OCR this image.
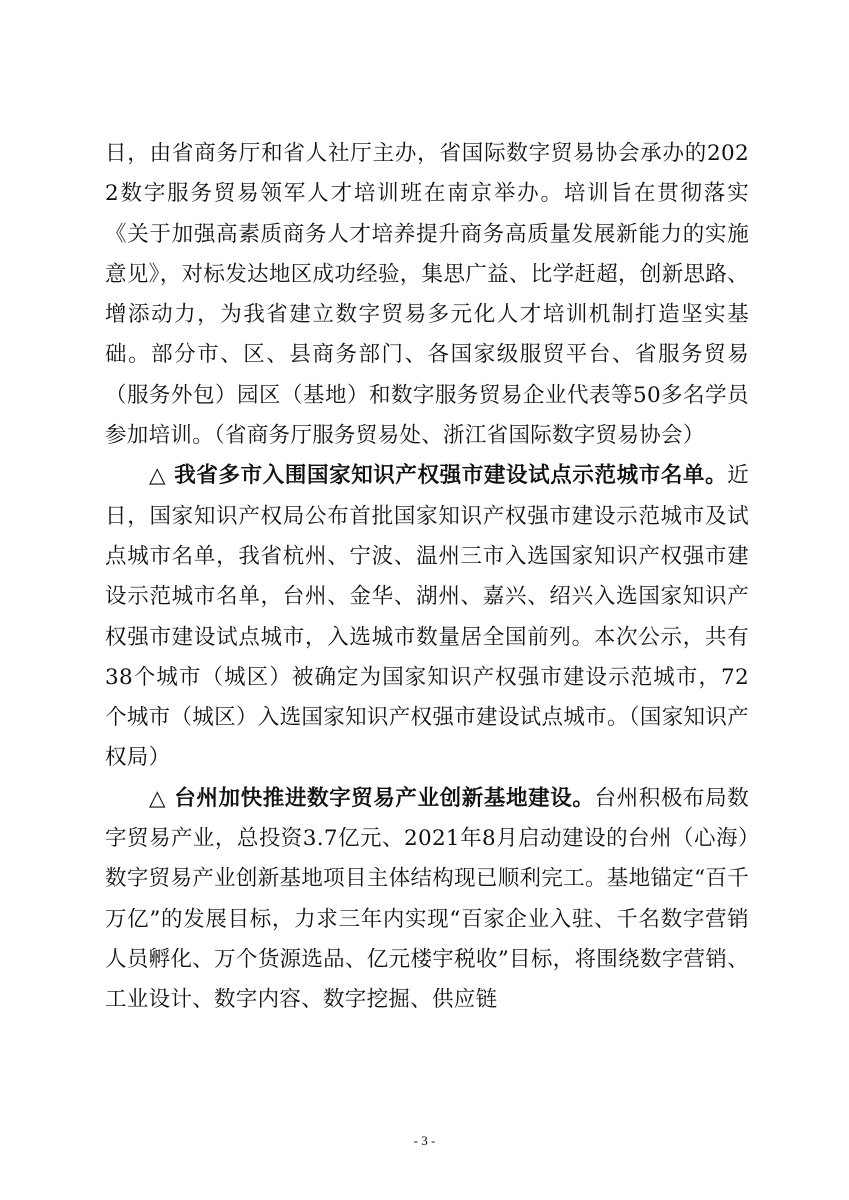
日，由省商务厅和省人社厅主办，省国际数字贸易协会承办的2022数字服务贸易领军人才培训班在南京举办。培训旨在贯彻落实《关于加强高素质商务人才培养提升商务高质量发展新能力的实施意见》，对标发达地区成功经验，集思广益、比学赶超，创新思路、增添动力，为我省建立数字贸易多元化人才培训机制打造坚实基础。部分市、区、县商务部门、各国家级服贸平台、省服务贸易（服务外包）园区（基地）和数字服务贸易企业代表等50多名学员参加培训。（省商务厅服务贸易处、浙江省国际数字贸易协会）

△ 我省多市入围国家知识产权强市建设试点示范城市名单。近日，国家知识产权局公布首批国家知识产权强市建设示范城市及试点城市名单，我省杭州、宁波、温州三市入选国家知识产权强市建设示范城市名单，台州、金华、湖州、嘉兴、绍兴入选国家知识产权强市建设试点城市，入选城市数量居全国前列。本次公示，共有38个城市（城区）被确定为国家知识产权强市建设示范城市，72个城市（城区）入选国家知识产权强市建设试点城市。（国家知识产权局）

△ 台州加快推进数字贸易产业创新基地建设。台州积极布局数字贸易产业，总投资3.7亿元、2021年8月启动建设的台州（心海）数字贸易产业创新基地项目主体结构现已顺利完工。基地锚定“百千万亿”的发展目标，力求三年内实现“百家企业入驻、千名数字营销人员孵化、万个货源选品、亿元楼宇税收”目标，将围绕数字营销、工业设计、数字内容、数字挖掘、供应链

- 3 -
